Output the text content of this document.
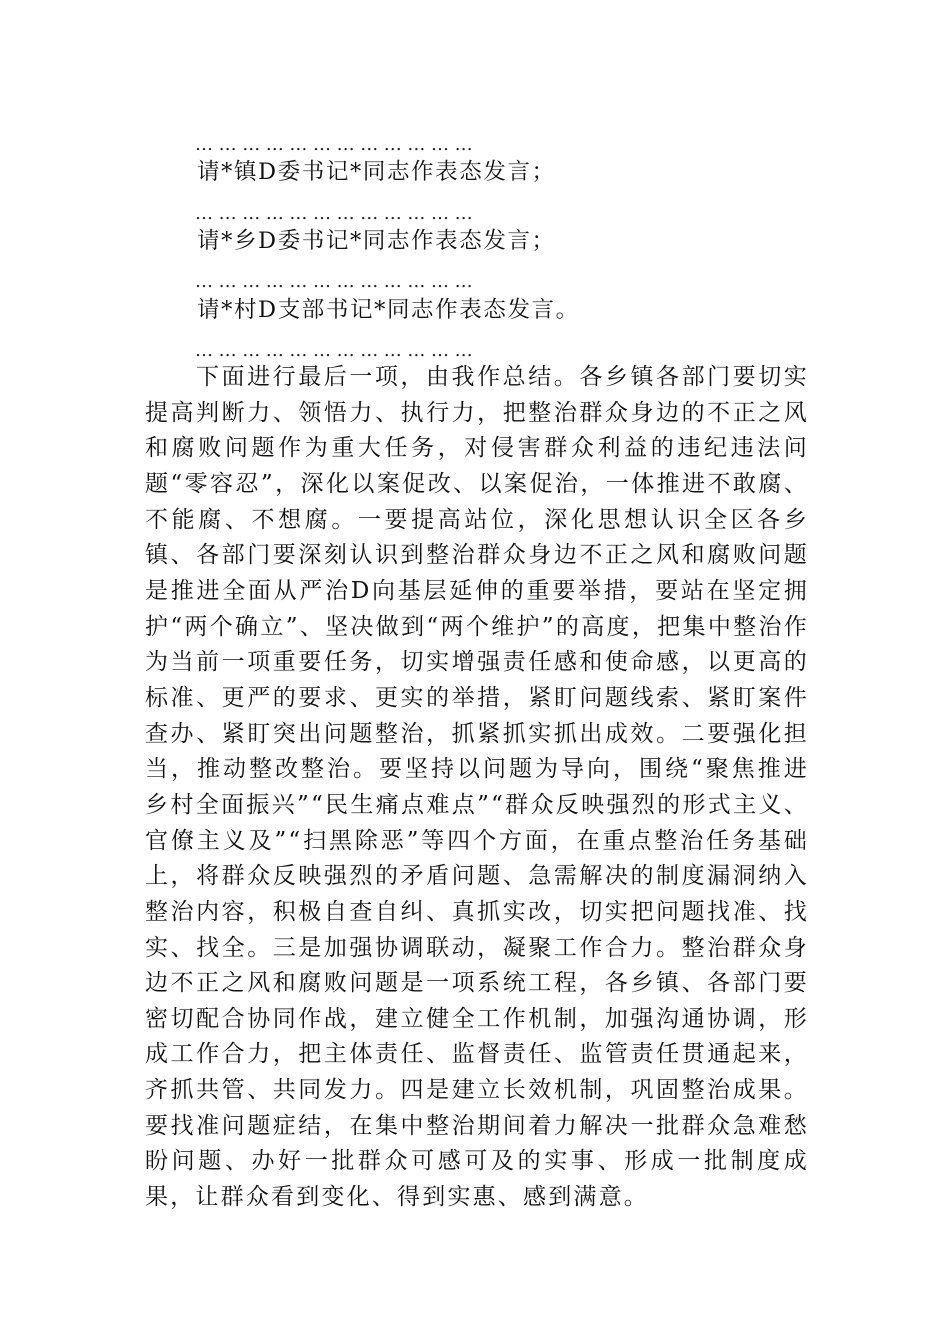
………………………………
请*镇D委书记*同志作表态发言；
………………………………
请*乡D委书记*同志作表态发言；
………………………………
请*村D支部书记*同志作表态发言。
………………………………

下面进行最后一项，由我作总结。各乡镇各部门要切实提高判断力、领悟力、执行力，把整治群众身边的不正之风和腐败问题作为重大任务，对侵害群众利益的违纪违法问题“零容忍”，深化以案促改、以案促治，一体推进不敢腐、不能腐、不想腐。一要提高站位，深化思想认识全区各乡镇、各部门要深刻认识到整治群众身边不正之风和腐败问题是推进全面从严治D向基层延伸的重要举措，要站在坚定拥护“两个确立”、坚决做到“两个维护”的高度，把集中整治作为当前一项重要任务，切实增强责任感和使命感，以更高的标准、更严的要求、更实的举措，紧盯问题线索、紧盯案件查办、紧盯突出问题整治，抓紧抓实抓出成效。二要强化担当，推动整改整治。要坚持以问题为导向，围绕“聚焦推进乡村全面振兴”“民生痛点难点”“群众反映强烈的形式主义、官僚主义及”“扫黑除恶”等四个方面，在重点整治任务基础上，将群众反映强烈的矛盾问题、急需解决的制度漏洞纳入整治内容，积极自查自纠、真抓实改，切实把问题找准、找实、找全。三是加强协调联动，凝聚工作合力。整治群众身边不正之风和腐败问题是一项系统工程，各乡镇、各部门要密切配合协同作战，建立健全工作机制，加强沟通协调，形成工作合力，把主体责任、监督责任、监管责任贯通起来，齐抓共管、共同发力。四是建立长效机制，巩固整治成果。要找准问题症结，在集中整治期间着力解决一批群众急难愁盼问题、办好一批群众可感可及的实事、形成一批制度成果，让群众看到变化、得到实惠、感到满意。
